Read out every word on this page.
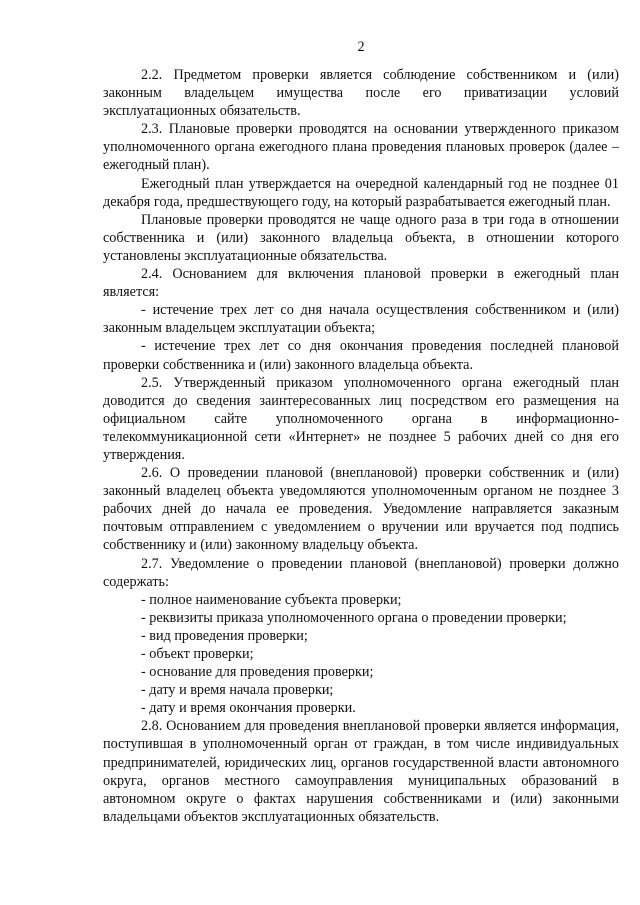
2

2.2. Предметом проверки является соблюдение собственником и (или) законным владельцем имущества после его приватизации условий эксплуатационных обязательств.

2.3. Плановые проверки проводятся на основании утвержденного приказом уполномоченного органа ежегодного плана проведения плановых проверок (далее – ежегодный план).

Ежегодный план утверждается на очередной календарный год не позднее 01 декабря года, предшествующего году, на который разрабатывается ежегодный план.

Плановые проверки проводятся не чаще одного раза в три года в отношении собственника и (или) законного владельца объекта, в отношении которого установлены эксплуатационные обязательства.

2.4. Основанием для включения плановой проверки в ежегодный план является:

- истечение трех лет со дня начала осуществления собственником и (или) законным владельцем эксплуатации объекта;

- истечение трех лет со дня окончания проведения последней плановой проверки собственника и (или) законного владельца объекта.

2.5. Утвержденный приказом уполномоченного органа ежегодный план доводится до сведения заинтересованных лиц посредством его размещения на официальном сайте уполномоченного органа в информационно-телекоммуникационной сети «Интернет» не позднее 5 рабочих дней со дня его утверждения.

2.6. О проведении плановой (внеплановой) проверки собственник и (или) законный владелец объекта уведомляются уполномоченным органом не позднее 3 рабочих дней до начала ее проведения. Уведомление направляется заказным почтовым отправлением с уведомлением о вручении или вручается под подпись собственнику и (или) законному владельцу объекта.

2.7. Уведомление о проведении плановой (внеплановой) проверки должно содержать:

- полное наименование субъекта проверки;

- реквизиты приказа уполномоченного органа о проведении проверки;

- вид проведения проверки;

- объект проверки;

- основание для проведения проверки;

- дату и время начала проверки;

- дату и время окончания проверки.

2.8. Основанием для проведения внеплановой проверки является информация, поступившая в уполномоченный орган от граждан, в том числе индивидуальных предпринимателей, юридических лиц, органов государственной власти автономного округа, органов местного самоуправления муниципальных образований в автономном округе о фактах нарушения собственниками и (или) законными владельцами объектов эксплуатационных обязательств.
